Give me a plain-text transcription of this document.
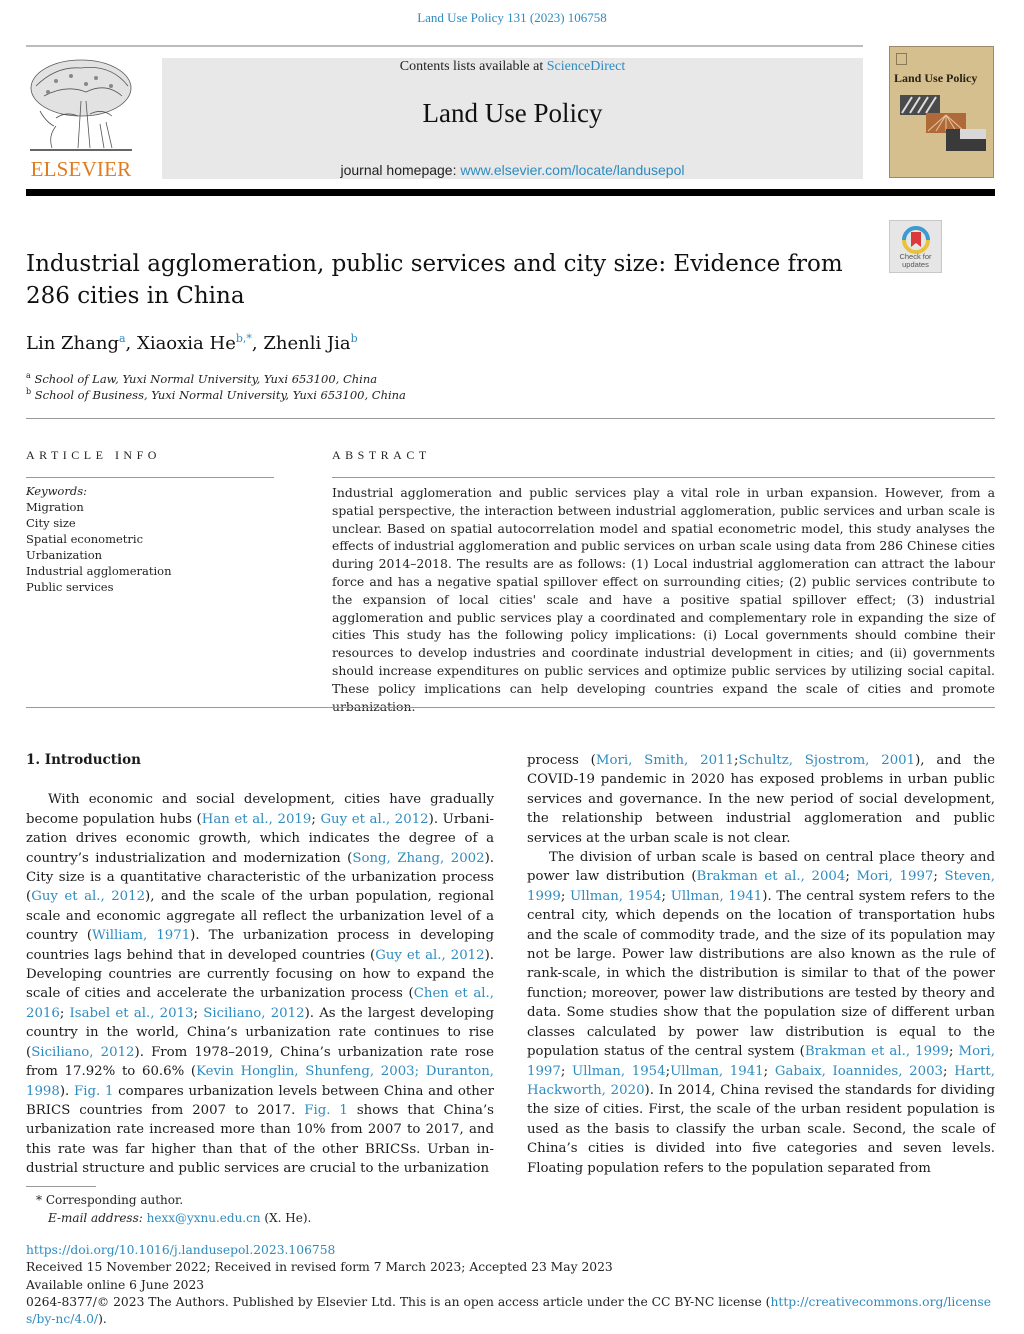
Land Use Policy 131 (2023) 106758
ELSEVIER
Contents lists available at ScienceDirect
Land Use Policy
journal homepage: www.elsevier.com/locate/landusepol
Land Use Policy
Check for
updates
Industrial agglomeration, public services and city size: Evidence from 286 cities in China
Lin Zhang$^a$, Xiaoxia $He^{b,*}$, Zhenli Jia$^b$
$^a$ School of Law, Yuxi Normal University, Yuxi 653100, China
$^b$ School of Business, Yuxi Normal University, Yuxi 653100, China
ARTICLE INFO
Keywords:
Migration
City size
Spatial econometric
Urbanization
Industrial agglomeration
Public services
ABSTRACT
Industrial agglomeration and public services play a vital role in urban expansion. However, from a spatial perspective, the interaction between industrial agglomeration, public services and urban scale is unclear. Based on spatial autocorrelation model and spatial econometric model, this study analyses the effects of industrial agglomeration and public services on urban scale using data from 286 Chinese cities during 2014–2018. The results are as follows: (1) Local industrial agglomeration can attract the labour force and has a negative spatial spillover effect on surrounding cities; (2) public services contribute to the expansion of local cities' scale and have a positive spatial spillover effect; (3) industrial agglomeration and public services play a coordinated and complementary role in expanding the size of cities This study has the following policy implications: (i) Local governments should combine their resources to develop industries and coordinate industrial development in cities; and (ii) governments should increase expenditures on public services and optimize public services by utilizing social capital. These policy implications can help developing countries expand the scale of cities and promote

1. Introduction

With economic and social development, cities have gradually become population hubs (Han et al., 2019; Guy et al., 2012). Urbanization drives economic growth, which indicates the degree of a country’s industrialization and modernization (Song, Zhang, 2002). City size is a quantitative characteristic of the urbanization process (Guy et al., 2012), and the scale of the urban population, regional scale and economic aggregate all reflect the urbanization level of a country (William, 1971). The urbanization process in developing countries lags behind that in developed countries (Guy et al., 2012). Developing countries are currently focusing on how to expand the scale of cities and accelerate the urbanization process (Chen et al., 2016; Isabel et al., 2013; Siciliano, 2012). As the largest developing country in the world, China’s urbanization rate continues to rise (Siciliano, 2012). From 1978–2019, China’s urbanization rate rose from 17.92% to 60.6% (Kevin Honglin, Shunfeng, 2003; Duranton, 1998). Fig. 1 compares urbanization levels between China and other BRICS countries from 2007 to 2017. Fig. 1 shows that China’s urbanization rate increased more than 10% from 2007 to 2017, and this rate was far higher than that of the other BRICSs. Urban industrial structure and public services are crucial to the urbanization

process (Mori, Smith, 2011;Schultz, Sjostrom, 2001), and the COVID-19 pandemic in 2020 has exposed problems in urban public services and governance. In the new period of social development, the relationship between industrial agglomeration and public services at the urban scale is not clear.

The division of urban scale is based on central place theory and power law distribution (Brakman et al., 2004; Mori, 1997; Steven, 1999; Ullman, 1954; Ullman, 1941). The central system refers to the central city, which depends on the location of transportation hubs and the scale of commodity trade, and the size of its population may not be large. Power law distributions are also known as the rule of rank-scale, in which the distribution is similar to that of the power function; moreover, power law distributions are tested by theory and data. Some studies show that the population size of different urban classes calculated by power law distribution is equal to the population status of the central system (Brakman et al., 1999; Mori, 1997; Ullman, 1954;Ullman, 1941; Gabaix, Ioannides, 2003; Hartt, Hackworth, 2020). In 2014, China revised the standards for dividing the size of cities. First, the scale of the urban resident population is used as the basis to classify the urban scale. Second, the scale of China’s cities is divided into five categories and seven levels. Floating population refers to the population separated from

* Corresponding author.
E-mail address: hexx@yxnu.edu.cn (X. He).
https://doi.org/10.1016/j.landusepol.2023.106758
Received 15 November 2022; Received in revised form 7 March 2023; Accepted 23 May 2023
Available online 6 June 2023
0264-8377/© 2023 The Authors. Published by Elsevier Ltd. This is an open access article under the CC BY-NC license (http://creativecommons.org/licenses/by-nc/4.0/).
